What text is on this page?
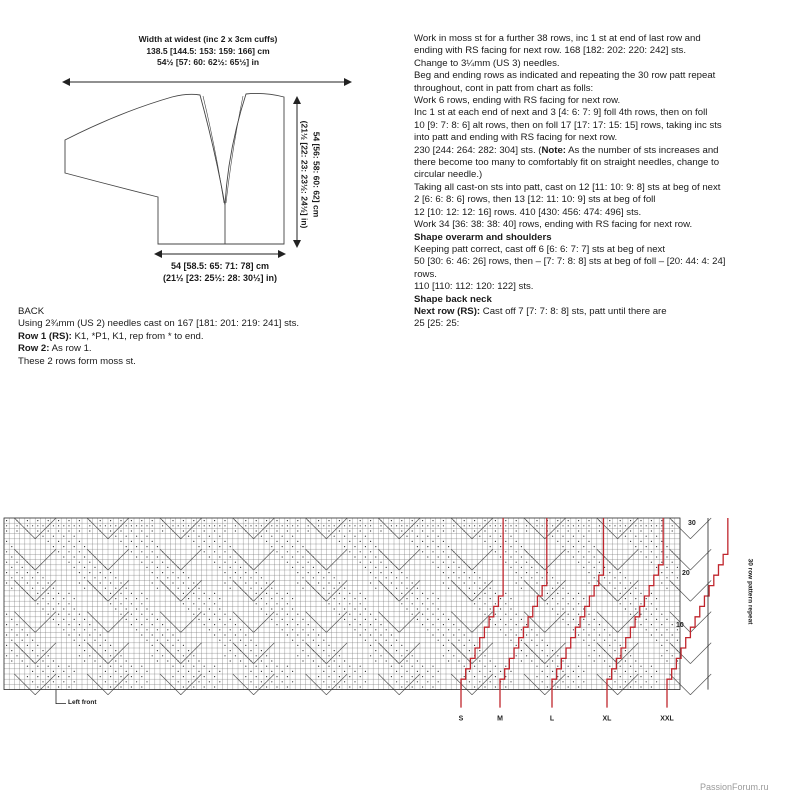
Width at widest (inc 2 x 3cm cuffs)
138.5 [144.5: 153: 159: 166] cm
54½ [57: 60: 62½: 65½] in
54 [56: 58: 60: 62] cm
(21½ [22: 23: 23½: 24½] in)
54 [58.5: 65: 71: 78] cm
(21½ [23: 25½: 28: 30½] in)
BACK
Using 2¾mm (US 2) needles cast on 167 [181: 201: 219: 241] sts.
Row 1 (RS): K1, *P1, K1, rep from * to end.
Row 2: As row 1.
These 2 rows form moss st.
Work in moss st for a further 38 rows, inc 1 st at end of last row and
ending with RS facing for next row. 168 [182: 202: 220: 242] sts.
Change to 3¼mm (US 3) needles.
Beg and ending rows as indicated and repeating the 30 row patt repeat
throughout, cont in patt from chart as folls:
Work 6 rows, ending with RS facing for next row.
Inc 1 st at each end of next and 3 [4: 6: 7: 9] foll 4th rows, then on foll
10 [9: 7: 8: 6] alt rows, then on foll 17 [17: 17: 15: 15] rows, taking inc sts
into patt and ending with RS facing for next row.
230 [244: 264: 282: 304] sts. (Note: As the number of sts increases and
there become too many to comfortably fit on straight needles, change to
circular needle.)
Taking all cast-on sts into patt, cast on 12 [11: 10: 9: 8] sts at beg of next
2 [6: 6: 8: 6] rows, then 13 [12: 11: 10: 9] sts at beg of foll
12 [10: 12: 12: 16] rows. 410 [430: 456: 474: 496] sts.
Work 34 [36: 38: 38: 40] rows, ending with RS facing for next row.
Shape overarm and shoulders
Keeping patt correct, cast off 6 [6: 6: 7: 7] sts at beg of next
50 [30: 6: 46: 26] rows, then – [7: 7: 8: 8] sts at beg of foll – [20: 44: 4: 24]
rows.
110 [110: 112: 120: 122] sts.
Shape back neck
Next row (RS): Cast off 7 [7: 7: 8: 8] sts, patt until there are
25 [25: 25:
S	M	L	XL	XXL
30
20
10
Left front
30 row pattern repeat
PassionForum.ru
